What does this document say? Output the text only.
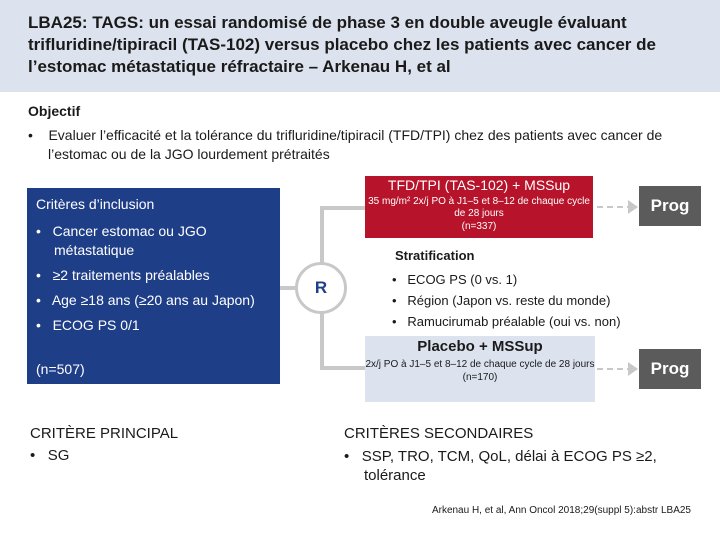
LBA25: TAGS: un essai randomisé de phase 3 en double aveugle évaluant trifluridine/tipiracil (TAS-102) versus placebo chez les patients avec cancer de l’estomac métastatique réfractaire – Arkenau H, et al
Objectif
• Evaluer l’efficacité et la tolérance du trifluridine/tipiracil (TFD/TPI) chez des patients avec cancer de l’estomac ou de la JGO lourdement prétraités
Critères d’inclusion
•   Cancer estomac ou JGO métastatique
•   ≥2 traitements préalables
•   Age ≥18 ans (≥20 ans au Japon)
•   ECOG PS 0/1
(n=507)
R
TFD/TPI (TAS-102) + MSSup
35 mg/m² 2x/j PO à J1–5 et 8–12 de chaque cycle de 28 jours
(n=337)
Placebo + MSSup
2x/j PO à J1–5 et 8–12 de chaque cycle de 28 jours
(n=170)
Prog
Prog
Stratification
•   ECOG PS (0 vs. 1)
•   Région (Japon vs. reste du monde)
•   Ramucirumab préalable (oui vs. non)
CRITÈRE PRINCIPAL
•   SG
CRITÈRES SECONDAIRES
•   SSP, TRO, TCM, QoL, délai à ECOG PS ≥2, tolérance
Arkenau H, et al, Ann Oncol 2018;29(suppl 5):abstr LBA25
